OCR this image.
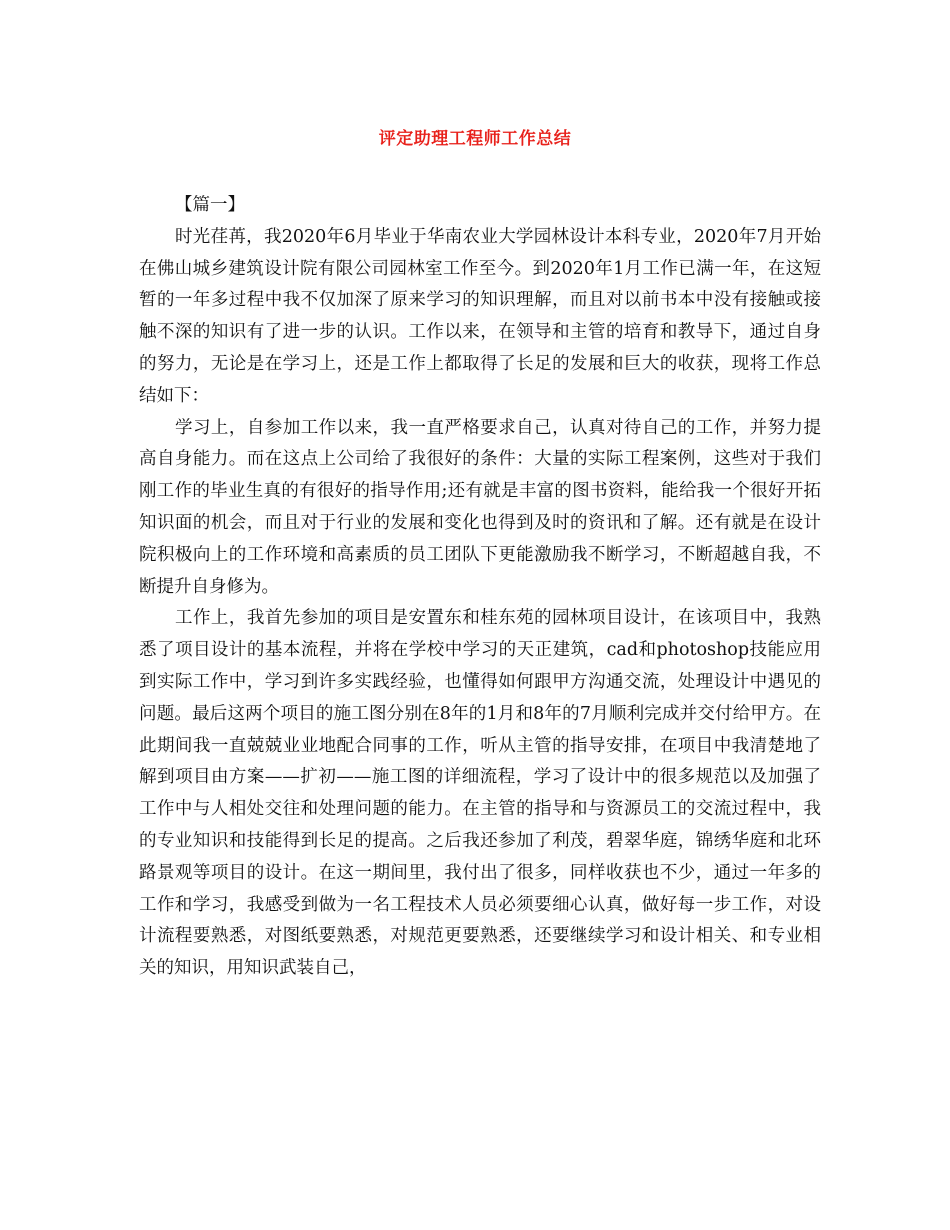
评定助理工程师工作总结

【篇一】

时光荏苒，我2020年6月毕业于华南农业大学园林设计本科专业，2020年7月开始在佛山城乡建筑设计院有限公司园林室工作至今。到2020年1月工作已满一年，在这短暂的一年多过程中我不仅加深了原来学习的知识理解，而且对以前书本中没有接触或接触不深的知识有了进一步的认识。工作以来，在领导和主管的培育和教导下，通过自身的努力，无论是在学习上，还是工作上都取得了长足的发展和巨大的收获，现将工作总结如下：

学习上，自参加工作以来，我一直严格要求自己，认真对待自己的工作，并努力提高自身能力。而在这点上公司给了我很好的条件：大量的实际工程案例，这些对于我们刚工作的毕业生真的有很好的指导作用;还有就是丰富的图书资料，能给我一个很好开拓知识面的机会，而且对于行业的发展和变化也得到及时的资讯和了解。还有就是在设计院积极向上的工作环境和高素质的员工团队下更能激励我不断学习，不断超越自我，不断提升自身修为。

工作上，我首先参加的项目是安置东和桂东苑的园林项目设计，在该项目中，我熟悉了项目设计的基本流程，并将在学校中学习的天正建筑，cad和photoshop技能应用到实际工作中，学习到许多实践经验，也懂得如何跟甲方沟通交流，处理设计中遇见的问题。最后这两个项目的施工图分别在8年的1月和8年的7月顺利完成并交付给甲方。在此期间我一直兢兢业业地配合同事的工作，听从主管的指导安排，在项目中我清楚地了解到项目由方案——扩初——施工图的详细流程，学习了设计中的很多规范以及加强了工作中与人相处交往和处理问题的能力。在主管的指导和与资源员工的交流过程中，我的专业知识和技能得到长足的提高。之后我还参加了利茂，碧翠华庭，锦绣华庭和北环路景观等项目的设计。在这一期间里，我付出了很多，同样收获也不少，通过一年多的工作和学习，我感受到做为一名工程技术人员必须要细心认真，做好每一步工作，对设计流程要熟悉，对图纸要熟悉，对规范更要熟悉，还要继续学习和设计相关、和专业相关的知识，用知识武装自己，
